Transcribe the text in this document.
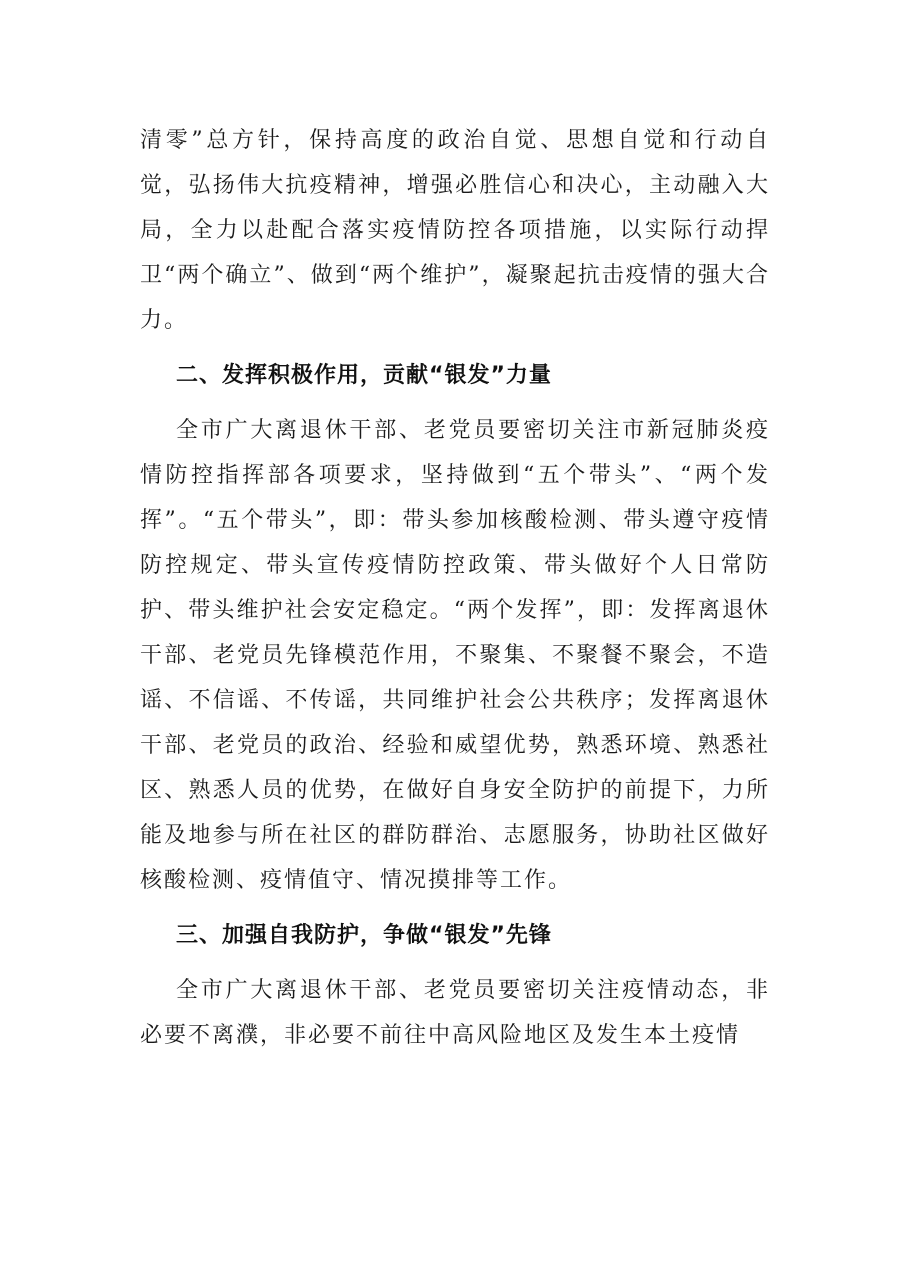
清零”总方针，保持高度的政治自觉、思想自觉和行动自觉，弘扬伟大抗疫精神，增强必胜信心和决心，主动融入大局，全力以赴配合落实疫情防控各项措施，以实际行动捍卫“两个确立”、做到“两个维护”，凝聚起抗击疫情的强大合力。

二、发挥积极作用，贡献“银发”力量

全市广大离退休干部、老党员要密切关注市新冠肺炎疫情防控指挥部各项要求，坚持做到“五个带头”、“两个发挥”。“五个带头”，即：带头参加核酸检测、带头遵守疫情防控规定、带头宣传疫情防控政策、带头做好个人日常防护、带头维护社会安定稳定。“两个发挥”，即：发挥离退休干部、老党员先锋模范作用，不聚集、不聚餐不聚会，不造谣、不信谣、不传谣，共同维护社会公共秩序；发挥离退休干部、老党员的政治、经验和威望优势，熟悉环境、熟悉社区、熟悉人员的优势，在做好自身安全防护的前提下，力所能及地参与所在社区的群防群治、志愿服务，协助社区做好核酸检测、疫情值守、情况摸排等工作。

三、加强自我防护，争做“银发”先锋

全市广大离退休干部、老党员要密切关注疫情动态，非必要不离濮，非必要不前往中高风险地区及发生本土疫情
